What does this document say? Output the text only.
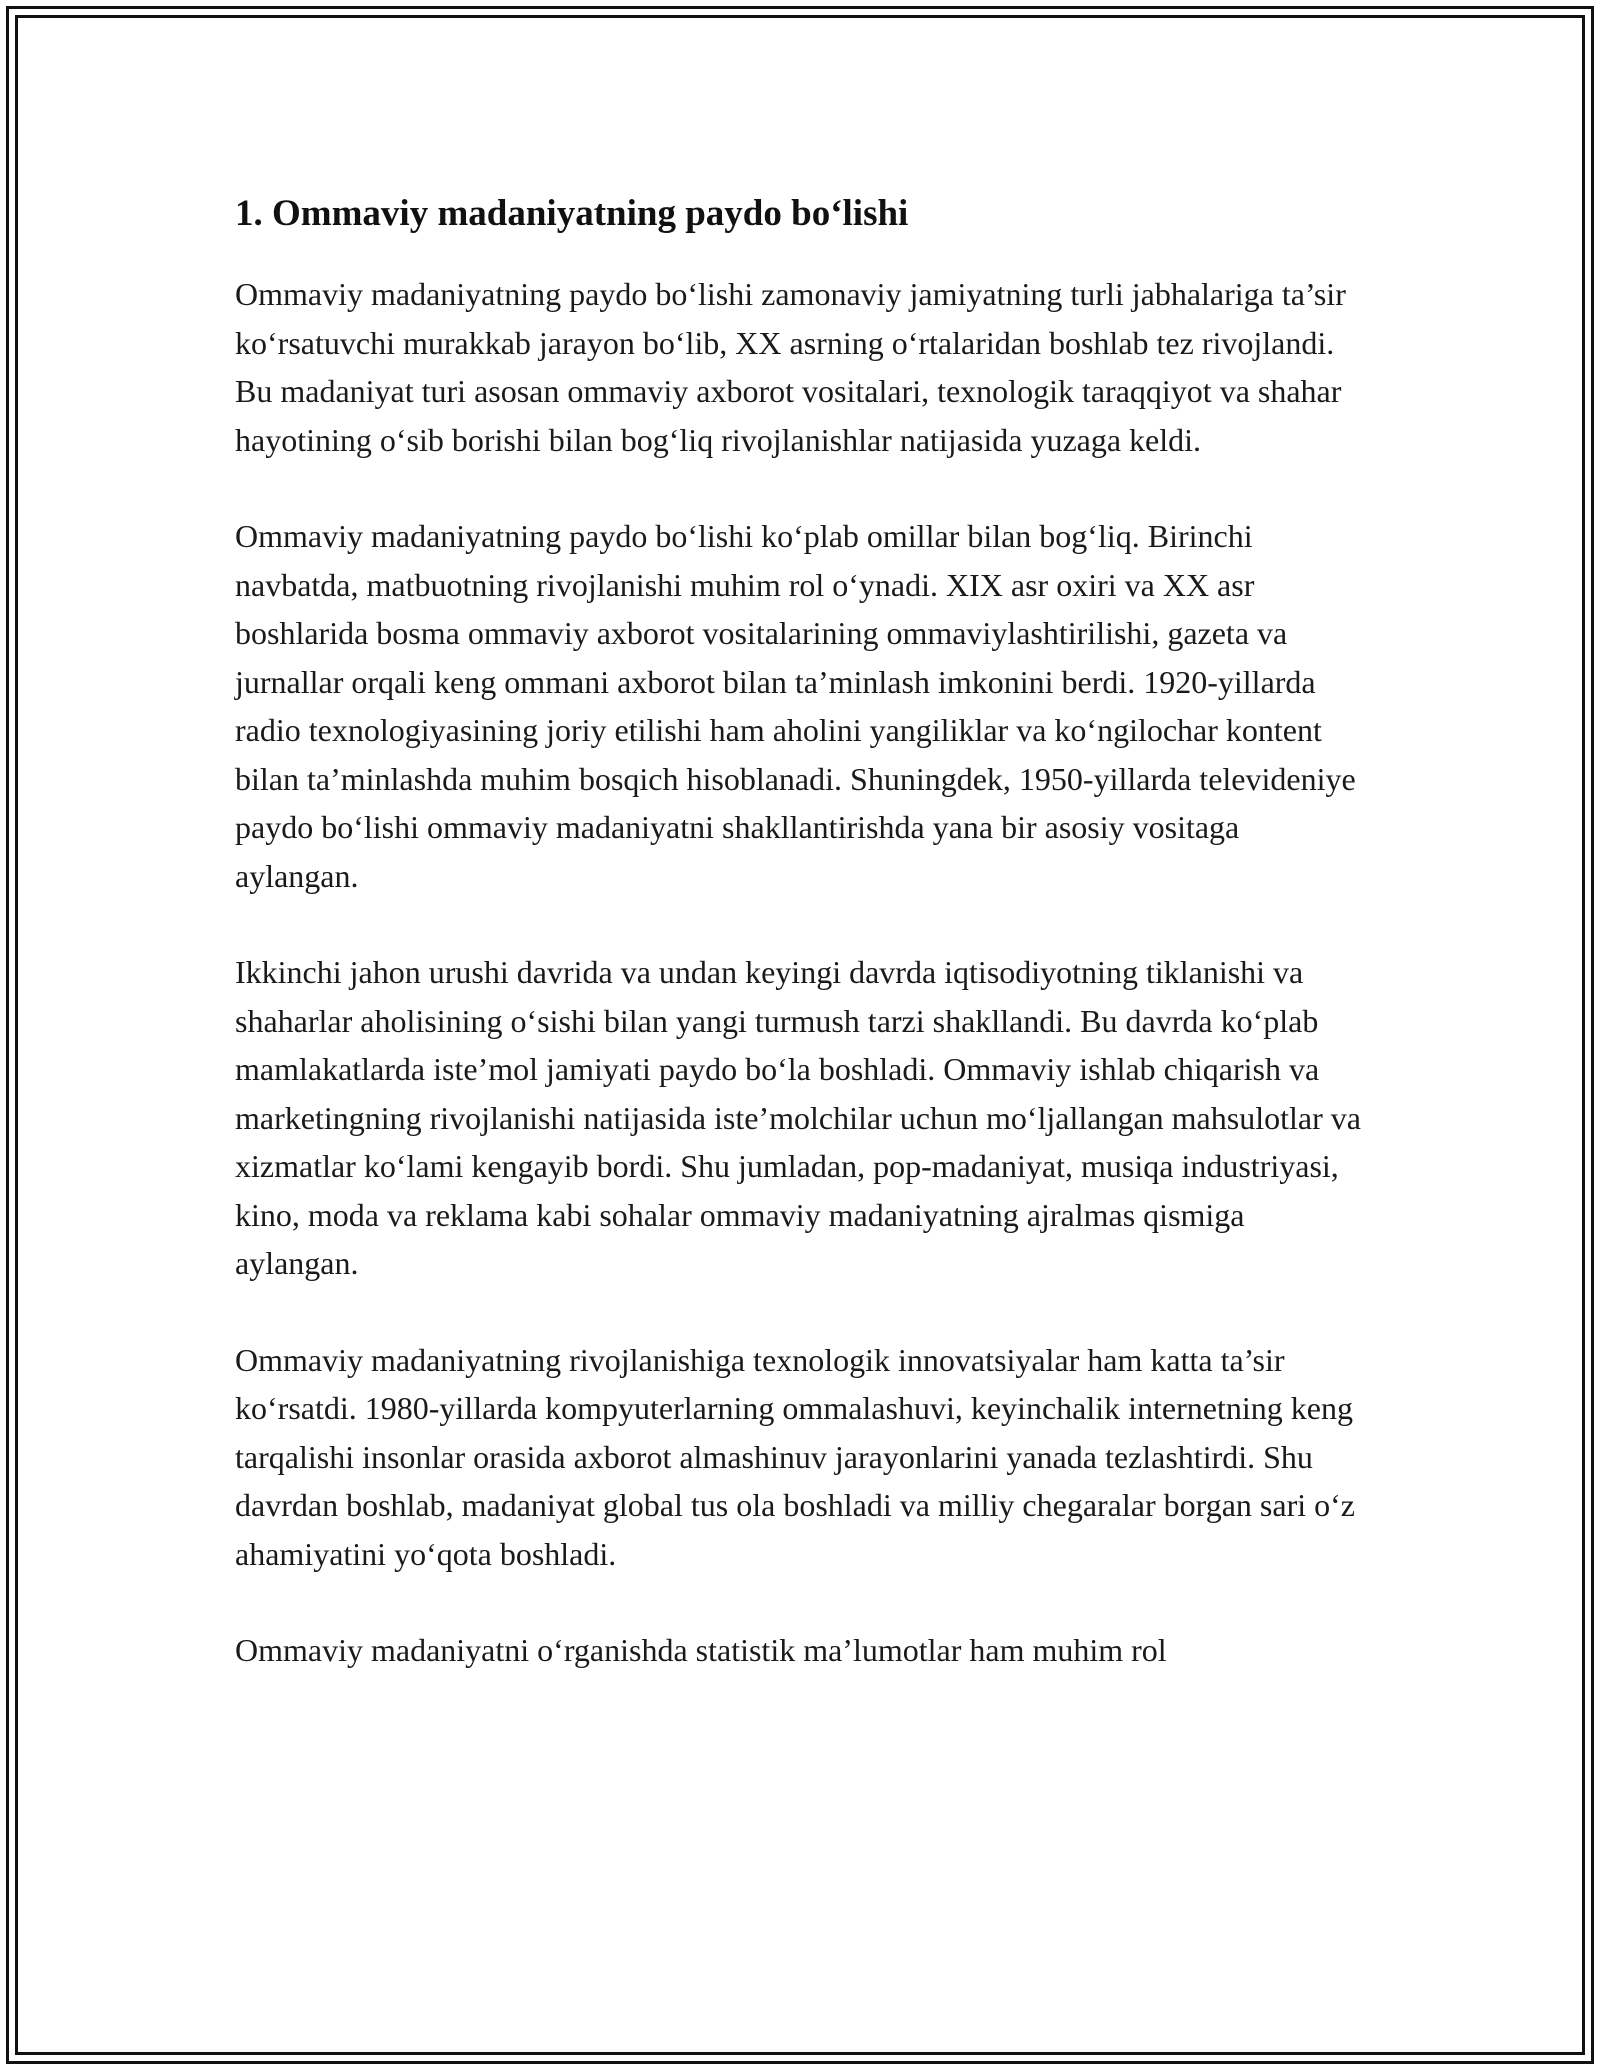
1. Ommaviy madaniyatning paydo bo‘lishi

Ommaviy madaniyatning paydo bo‘lishi zamonaviy jamiyatning turli jabhalariga ta’sir ko‘rsatuvchi murakkab jarayon bo‘lib, XX asrning o‘rtalaridan boshlab tez rivojlandi. Bu madaniyat turi asosan ommaviy axborot vositalari, texnologik taraqqiyot va shahar hayotining o‘sib borishi bilan bog‘liq rivojlanishlar natijasida yuzaga keldi.

Ommaviy madaniyatning paydo bo‘lishi ko‘plab omillar bilan bog‘liq. Birinchi navbatda, matbuotning rivojlanishi muhim rol o‘ynadi. XIX asr oxiri va XX asr boshlarida bosma ommaviy axborot vositalarining ommaviylashtirilishi, gazeta va jurnallar orqali keng ommani axborot bilan ta’minlash imkonini berdi. 1920-yillarda radio texnologiyasining joriy etilishi ham aholini yangiliklar va ko‘ngilochar kontent bilan ta’minlashda muhim bosqich hisoblanadi. Shuningdek, 1950-yillarda televideniye paydo bo‘lishi ommaviy madaniyatni shakllantirishda yana bir asosiy vositaga aylangan.

Ikkinchi jahon urushi davrida va undan keyingi davrda iqtisodiyotning tiklanishi va shaharlar aholisining o‘sishi bilan yangi turmush tarzi shakllandi. Bu davrda ko‘plab mamlakatlarda iste’mol jamiyati paydo bo‘la boshladi. Ommaviy ishlab chiqarish va marketingning rivojlanishi natijasida iste’molchilar uchun mo‘ljallangan mahsulotlar va xizmatlar ko‘lami kengayib bordi. Shu jumladan, pop-madaniyat, musiqa industriyasi, kino, moda va reklama kabi sohalar ommaviy madaniyatning ajralmas qismiga aylangan.

Ommaviy madaniyatning rivojlanishiga texnologik innovatsiyalar ham katta ta’sir ko‘rsatdi. 1980-yillarda kompyuterlarning ommalashuvi, keyinchalik internetning keng tarqalishi insonlar orasida axborot almashinuv jarayonlarini yanada tezlashtirdi. Shu davrdan boshlab, madaniyat global tus ola boshladi va milliy chegaralar borgan sari o‘z ahamiyatini yo‘qota boshladi.

Ommaviy madaniyatni o‘rganishda statistik ma’lumotlar ham muhim rol
